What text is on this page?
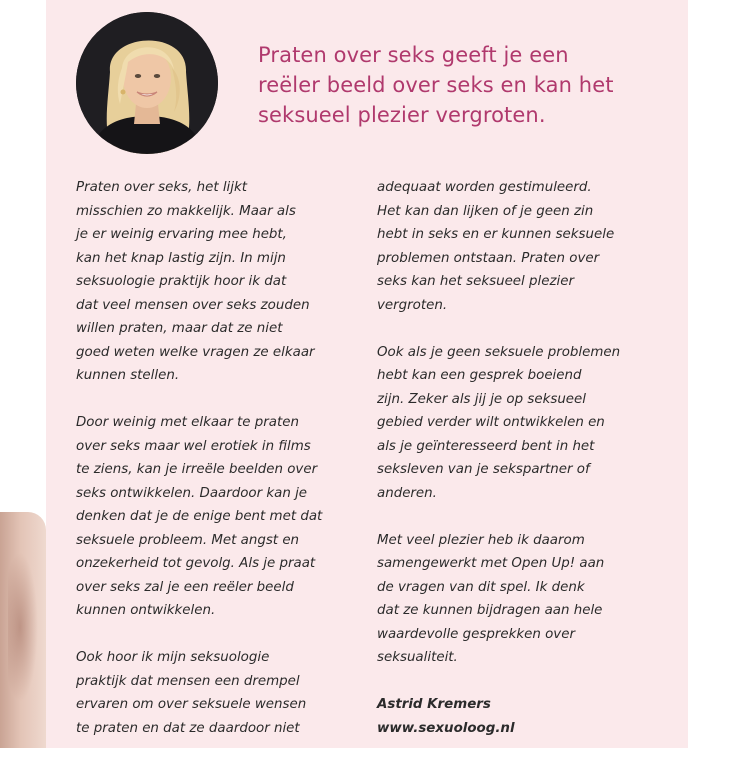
Praten over seks geeft je een
reëler beeld over seks en kan het
seksueel plezier vergroten.

Praten over seks, het lijkt
misschien zo makkelijk. Maar als
je er weinig ervaring mee hebt,
kan het knap lastig zijn. In mijn
seksuologie praktijk hoor ik dat
dat veel mensen over seks zouden
willen praten, maar dat ze niet
goed weten welke vragen ze elkaar
kunnen stellen.

Door weinig met elkaar te praten
over seks maar wel erotiek in films
te ziens, kan je irreële beelden over
seks ontwikkelen. Daardoor kan je
denken dat je de enige bent met dat
seksuele probleem. Met angst en
onzekerheid tot gevolg. Als je praat
over seks zal je een reëler beeld
kunnen ontwikkelen.

Ook hoor ik mijn seksuologie
praktijk dat mensen een drempel
ervaren om over seksuele wensen
te praten en dat ze daardoor niet

adequaat worden gestimuleerd.
Het kan dan lijken of je geen zin
hebt in seks en er kunnen seksuele
problemen ontstaan. Praten over
seks kan het seksueel plezier
vergroten.

Ook als je geen seksuele problemen
hebt kan een gesprek boeiend
zijn. Zeker als jij je op seksueel
gebied verder wilt ontwikkelen en
als je geïnteresseerd bent in het
seksleven van je sekspartner of
anderen.

Met veel plezier heb ik daarom
samengewerkt met Open Up! aan
de vragen van dit spel. Ik denk
dat ze kunnen bijdragen aan hele
waardevolle gesprekken over
seksualiteit.

Astrid Kremers
www.sexuoloog.nl
